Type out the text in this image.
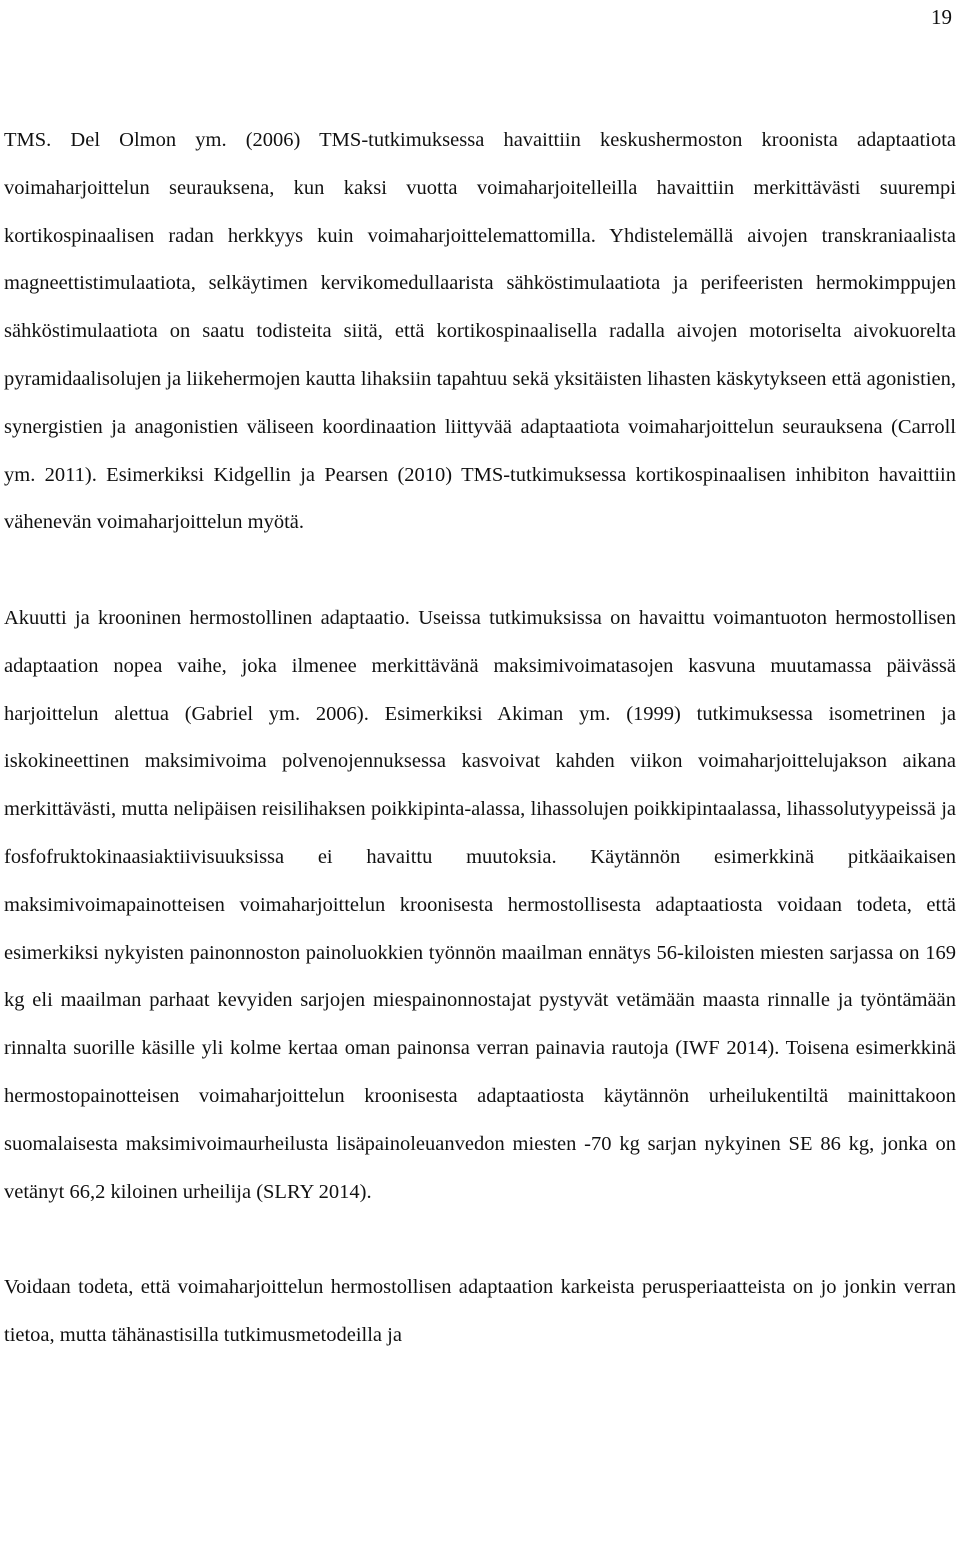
19

TMS. Del Olmon ym. (2006) TMS-tutkimuksessa havaittiin keskushermoston kroonista adaptaatiota voimaharjoittelun seurauksena, kun kaksi vuotta voimaharjoitelleilla havaittiin merkittävästi suurempi kortikospinaalisen radan herkkyys kuin voimaharjoittelemattomilla. Yhdistelemällä aivojen transkraniaalista magneettistimulaatiota, selkäytimen kervikomedullaarista sähköstimulaatiota ja perifeeristen hermokimppujen sähköstimulaatiota on saatu todisteita siitä, että kortikospinaalisella radalla aivojen motoriselta aivokuorelta pyramidaalisolujen ja liikehermojen kautta lihaksiin tapahtuu sekä yksitäisten lihasten käskytykseen että agonistien, synergistien ja anagonistien väliseen koordinaation liittyvää adaptaatiota voimaharjoittelun seurauksena (Carroll ym. 2011). Esimerkiksi Kidgellin ja Pearsen (2010) TMS-tutkimuksessa kortikospinaalisen inhibiton havaittiin vähenevän voimaharjoittelun myötä.

Akuutti ja krooninen hermostollinen adaptaatio. Useissa tutkimuksissa on havaittu voimantuoton hermostollisen adaptaation nopea vaihe, joka ilmenee merkittävänä maksimivoimatasojen kasvuna muutamassa päivässä harjoittelun alettua (Gabriel ym. 2006). Esimerkiksi Akiman ym. (1999) tutkimuksessa isometrinen ja iskokineettinen maksimivoima polvenojennuksessa kasvoivat kahden viikon voimaharjoittelujakson aikana merkittävästi, mutta nelipäisen reisilihaksen poikkipinta-alassa, lihassolujen poikkipintaalassa, lihassolutyypeissä ja fosfofruktokinaasiaktiivisuuksissa ei havaittu muutoksia. Käytännön esimerkkinä pitkäaikaisen maksimivoimapainotteisen voimaharjoittelun kroonisesta hermostollisesta adaptaatiosta voidaan todeta, että esimerkiksi nykyisten painonnoston painoluokkien työnnön maailman ennätys 56-kiloisten miesten sarjassa on 169 kg eli maailman parhaat kevyiden sarjojen miespainonnostajat pystyvät vetämään maasta rinnalle ja työntämään rinnalta suorille käsille yli kolme kertaa oman painonsa verran painavia rautoja (IWF 2014). Toisena esimerkkinä hermostopainotteisen voimaharjoittelun kroonisesta adaptaatiosta käytännön urheilukentiltä mainittakoon suomalaisesta maksimivoimaurheilusta lisäpainoleuanvedon miesten -70 kg sarjan nykyinen SE 86 kg, jonka on vetänyt 66,2 kiloinen urheilija (SLRY 2014).

Voidaan todeta, että voimaharjoittelun hermostollisen adaptaation karkeista perusperiaatteista on jo jonkin verran tietoa, mutta tähänastisilla tutkimusmetodeilla ja
